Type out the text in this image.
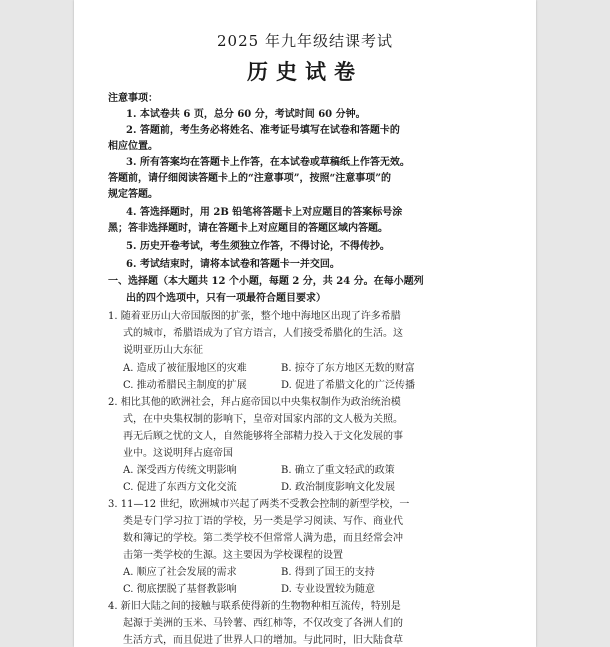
2025 年九年级结课考试
历史试卷
注意事项：
1. 本试卷共 6 页，总分 60 分，考试时间 60 分钟。
2. 答题前，考生务必将姓名、准考证号填写在试卷和答题卡的
相应位置。
3. 所有答案均在答题卡上作答，在本试卷或草稿纸上作答无效。
答题前，请仔细阅读答题卡上的“注意事项”，按照“注意事项”的
规定答题。
4. 答选择题时，用 2B 铅笔将答题卡上对应题目的答案标号涂
黑；答非选择题时，请在答题卡上对应题目的答题区域内答题。
5. 历史开卷考试，考生须独立作答，不得讨论，不得传抄。
6. 考试结束时，请将本试卷和答题卡一并交回。
一、选择题（本大题共 12 个小题，每题 2 分，共 24 分。在每小题列
出的四个选项中，只有一项最符合题目要求）
1. 随着亚历山大帝国版图的扩张，整个地中海地区出现了许多希腊
式的城市，希腊语成为了官方语言，人们接受希腊化的生活。这
说明亚历山大东征
A. 造成了被征服地区的灾难	B. 掠夺了东方地区无数的财富
C. 推动希腊民主制度的扩展	D. 促进了希腊文化的广泛传播
2. 相比其他的欧洲社会，拜占庭帝国以中央集权制作为政治统治模
式，在中央集权制的影响下，皇帝对国家内部的文人极为关照。
再无后顾之忧的文人，自然能够将全部精力投入于文化发展的事
业中。这说明拜占庭帝国
A. 深受西方传统文明影响	B. 确立了重文轻武的政策
C. 促进了东西方文化交流	D. 政治制度影响文化发展
3. 11—12 世纪，欧洲城市兴起了两类不受教会控制的新型学校，一
类是专门学习拉丁语的学校，另一类是学习阅读、写作、商业代
数和簿记的学校。第二类学校不但常常人满为患，而且经常会冲
击第一类学校的生源。这主要因为学校课程的设置
A. 顺应了社会发展的需求	B. 得到了国王的支持
C. 彻底摆脱了基督教影响	D. 专业设置较为随意
4. 新旧大陆之间的接触与联系使得新的生物物种相互流传，特别是
起源于美洲的玉米、马铃薯、西红柿等，不仅改变了各洲人们的
生活方式，而且促进了世界人口的增加。与此同时，旧大陆食草
